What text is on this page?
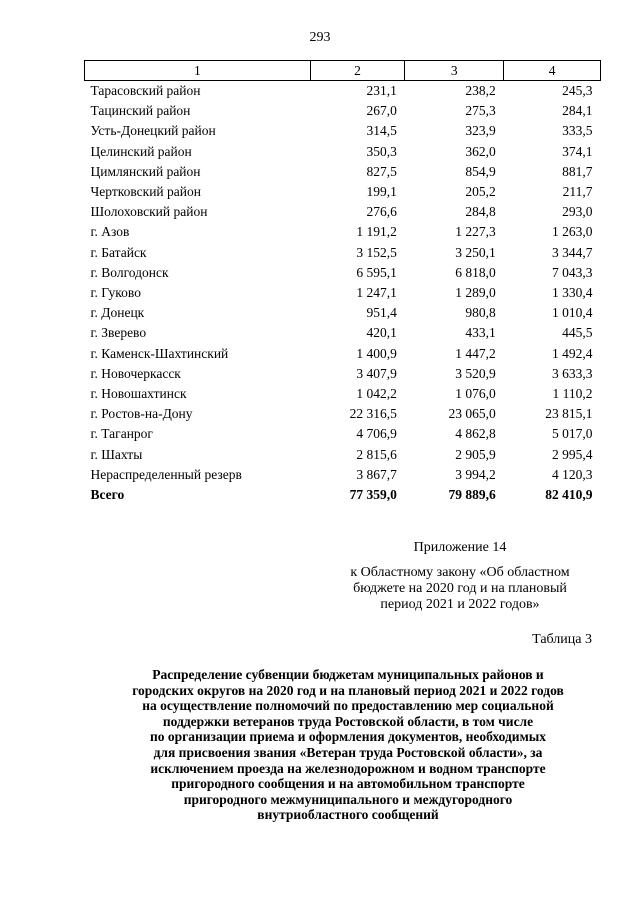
293
1	2	3	4
Тарасовский район	231,1	238,2	245,3
Тацинский район	267,0	275,3	284,1
Усть-Донецкий район	314,5	323,9	333,5
Целинский район	350,3	362,0	374,1
Цимлянский район	827,5	854,9	881,7
Чертковский район	199,1	205,2	211,7
Шолоховский район	276,6	284,8	293,0
г. Азов	1 191,2	1 227,3	1 263,0
г. Батайск	3 152,5	3 250,1	3 344,7
г. Волгодонск	6 595,1	6 818,0	7 043,3
г. Гуково	1 247,1	1 289,0	1 330,4
г. Донецк	951,4	980,8	1 010,4
г. Зверево	420,1	433,1	445,5
г. Каменск-Шахтинский	1 400,9	1 447,2	1 492,4
г. Новочеркасск	3 407,9	3 520,9	3 633,3
г. Новошахтинск	1 042,2	1 076,0	1 110,2
г. Ростов-на-Дону	22 316,5	23 065,0	23 815,1
г. Таганрог	4 706,9	4 862,8	5 017,0
г. Шахты	2 815,6	2 905,9	2 995,4
Нераспределенный резерв	3 867,7	3 994,2	4 120,3
Всего	77 359,0	79 889,6	82 410,9
Приложение 14
к Областному закону «Об областном
бюджете на 2020 год и на плановый
период 2021 и 2022 годов»
Таблица 3
Распределение субвенции бюджетам муниципальных районов и
городских округов на 2020 год и на плановый период 2021 и 2022 годов
на осуществление полномочий по предоставлению мер социальной
поддержки ветеранов труда Ростовской области, в том числе
по организации приема и оформления документов, необходимых
для присвоения звания «Ветеран труда Ростовской области», за
исключением проезда на железнодорожном и водном транспорте
пригородного сообщения и на автомобильном транспорте
пригородного межмуниципального и междугородного
внутриобластного сообщений
